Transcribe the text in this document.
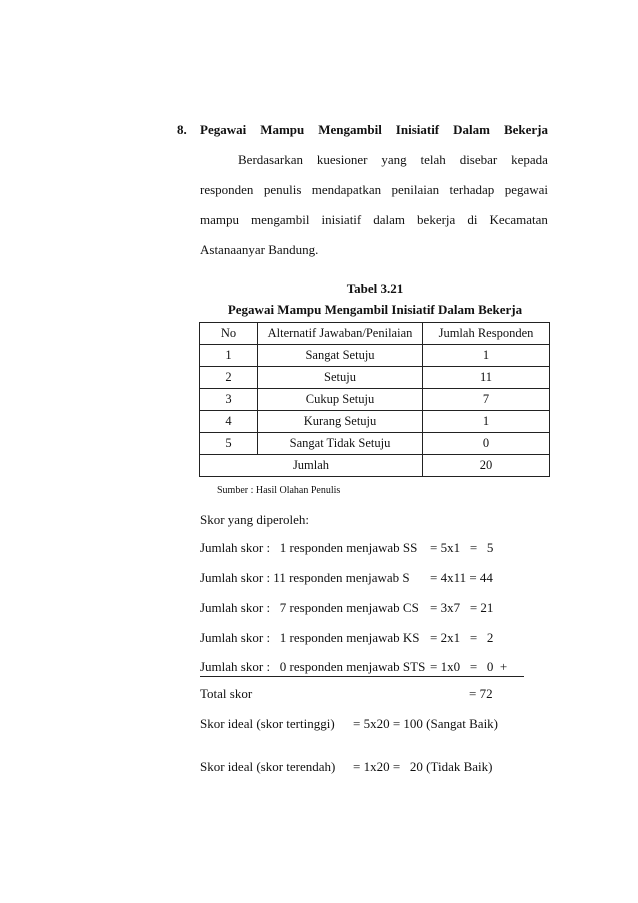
8. Pegawai Mampu Mengambil Inisiatif Dalam Bekerja
Berdasarkan kuesioner yang telah disebar kepada
responden penulis mendapatkan penilaian terhadap pegawai
mampu mengambil inisiatif dalam bekerja di Kecamatan
Astanaanyar Bandung.
Tabel 3.21
Pegawai Mampu Mengambil Inisiatif Dalam Bekerja
No	Alternatif Jawaban/Penilaian	Jumlah Responden
1	Sangat Setuju	1
2	Setuju	11
3	Cukup Setuju	7
4	Kurang Setuju	1
5	Sangat Tidak Setuju	0
Jumlah		20
Sumber : Hasil Olahan Penulis
Skor yang diperoleh:
Jumlah skor :   1 responden menjawab SS = 5x1   =   5
Jumlah skor : 11 responden menjawab S = 4x11 = 44
Jumlah skor :   7 responden menjawab CS = 3x7   = 21
Jumlah skor :   1 responden menjawab KS = 2x1   =   2
Jumlah skor :   0 responden menjawab STS = 1x0   =   0  +
Total skor	= 72
Skor ideal (skor tertinggi) = 5x20 = 100 (Sangat Baik)
Skor ideal (skor terendah) = 1x20 =   20 (Tidak Baik)
